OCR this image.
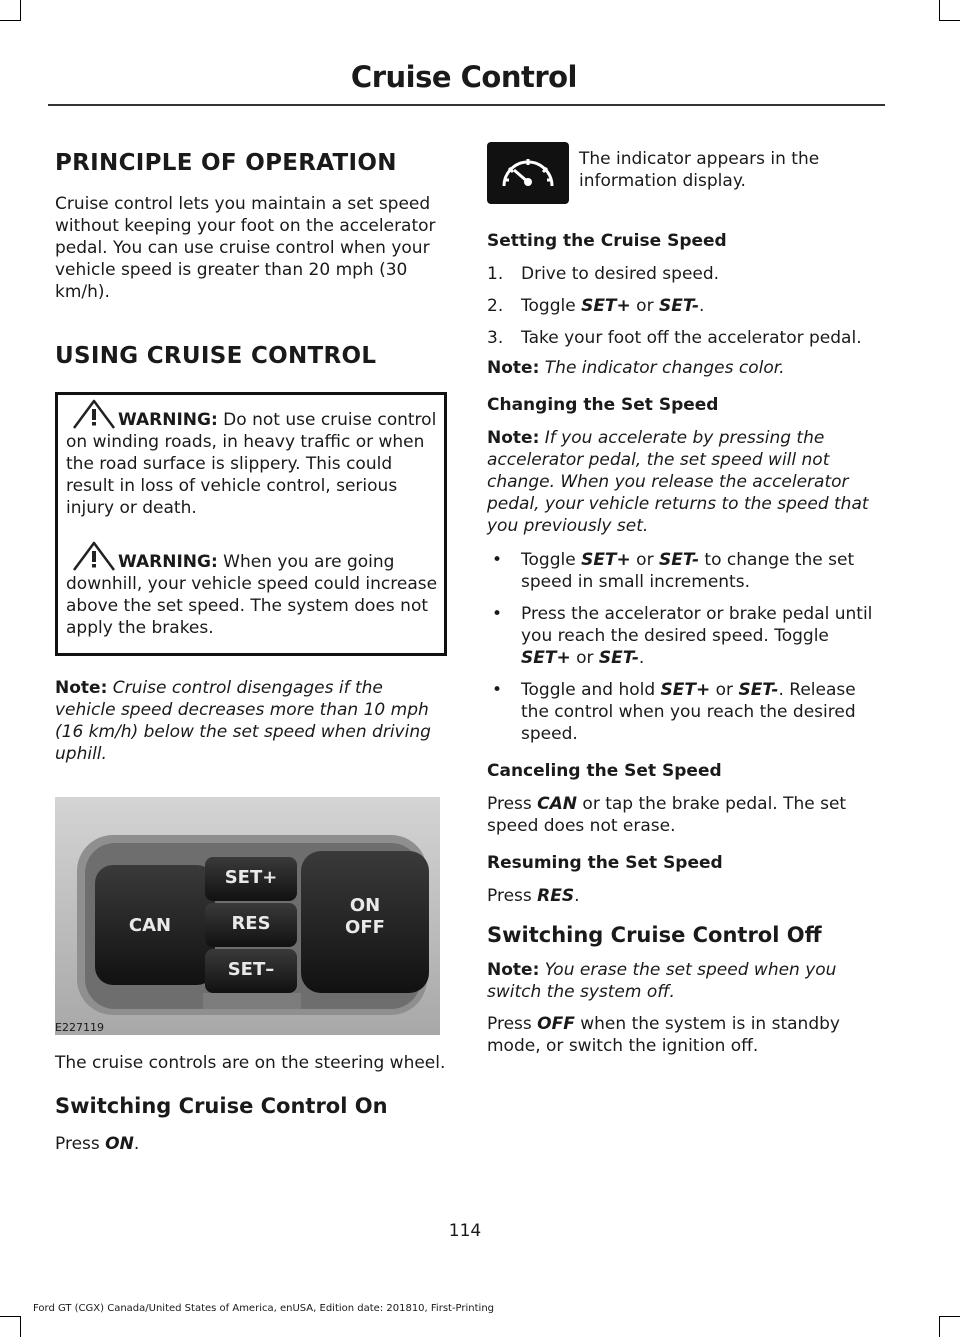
Cruise Control
PRINCIPLE OF OPERATION

Cruise control lets you maintain a set speed without keeping your foot on the accelerator pedal. You can use cruise control when your vehicle speed is greater than 20 mph (30 km/h).

USING CRUISE CONTROL

WARNING: Do not use cruise control on winding roads, in heavy traffic or when the road surface is slippery. This could result in loss of vehicle control, serious injury or death.

WARNING: When you are going downhill, your vehicle speed could increase above the set speed. The system does not apply the brakes.

Note: Cruise control disengages if the vehicle speed decreases more than 10 mph (16 km/h) below the set speed when driving uphill.

SET+
RES
SET–
CAN
ON
OFF
E227119

The cruise controls are on the steering wheel.

Switching Cruise Control On

Press ON.

The indicator appears in the information display.

Setting the Cruise Speed
1. Drive to desired speed.
2. Toggle SET+ or SET-.
3. Take your foot off the accelerator pedal.

Note: The indicator changes color.

Changing the Set Speed

Note: If you accelerate by pressing the accelerator pedal, the set speed will not change. When you release the accelerator pedal, your vehicle returns to the speed that you previously set.

• Toggle SET+ or SET- to change the set speed in small increments.
• Press the accelerator or brake pedal until you reach the desired speed. Toggle SET+ or SET-.
• Toggle and hold SET+ or SET-. Release the control when you reach the desired speed.
Canceling the Set Speed

Press CAN or tap the brake pedal. The set speed does not erase.

Resuming the Set Speed

Press RES.

Switching Cruise Control Off

Note: You erase the set speed when you switch the system off.

Press OFF when the system is in standby mode, or switch the ignition off.

114
Ford GT (CGX) Canada/United States of America, enUSA, Edition date: 201810, First-Printing
